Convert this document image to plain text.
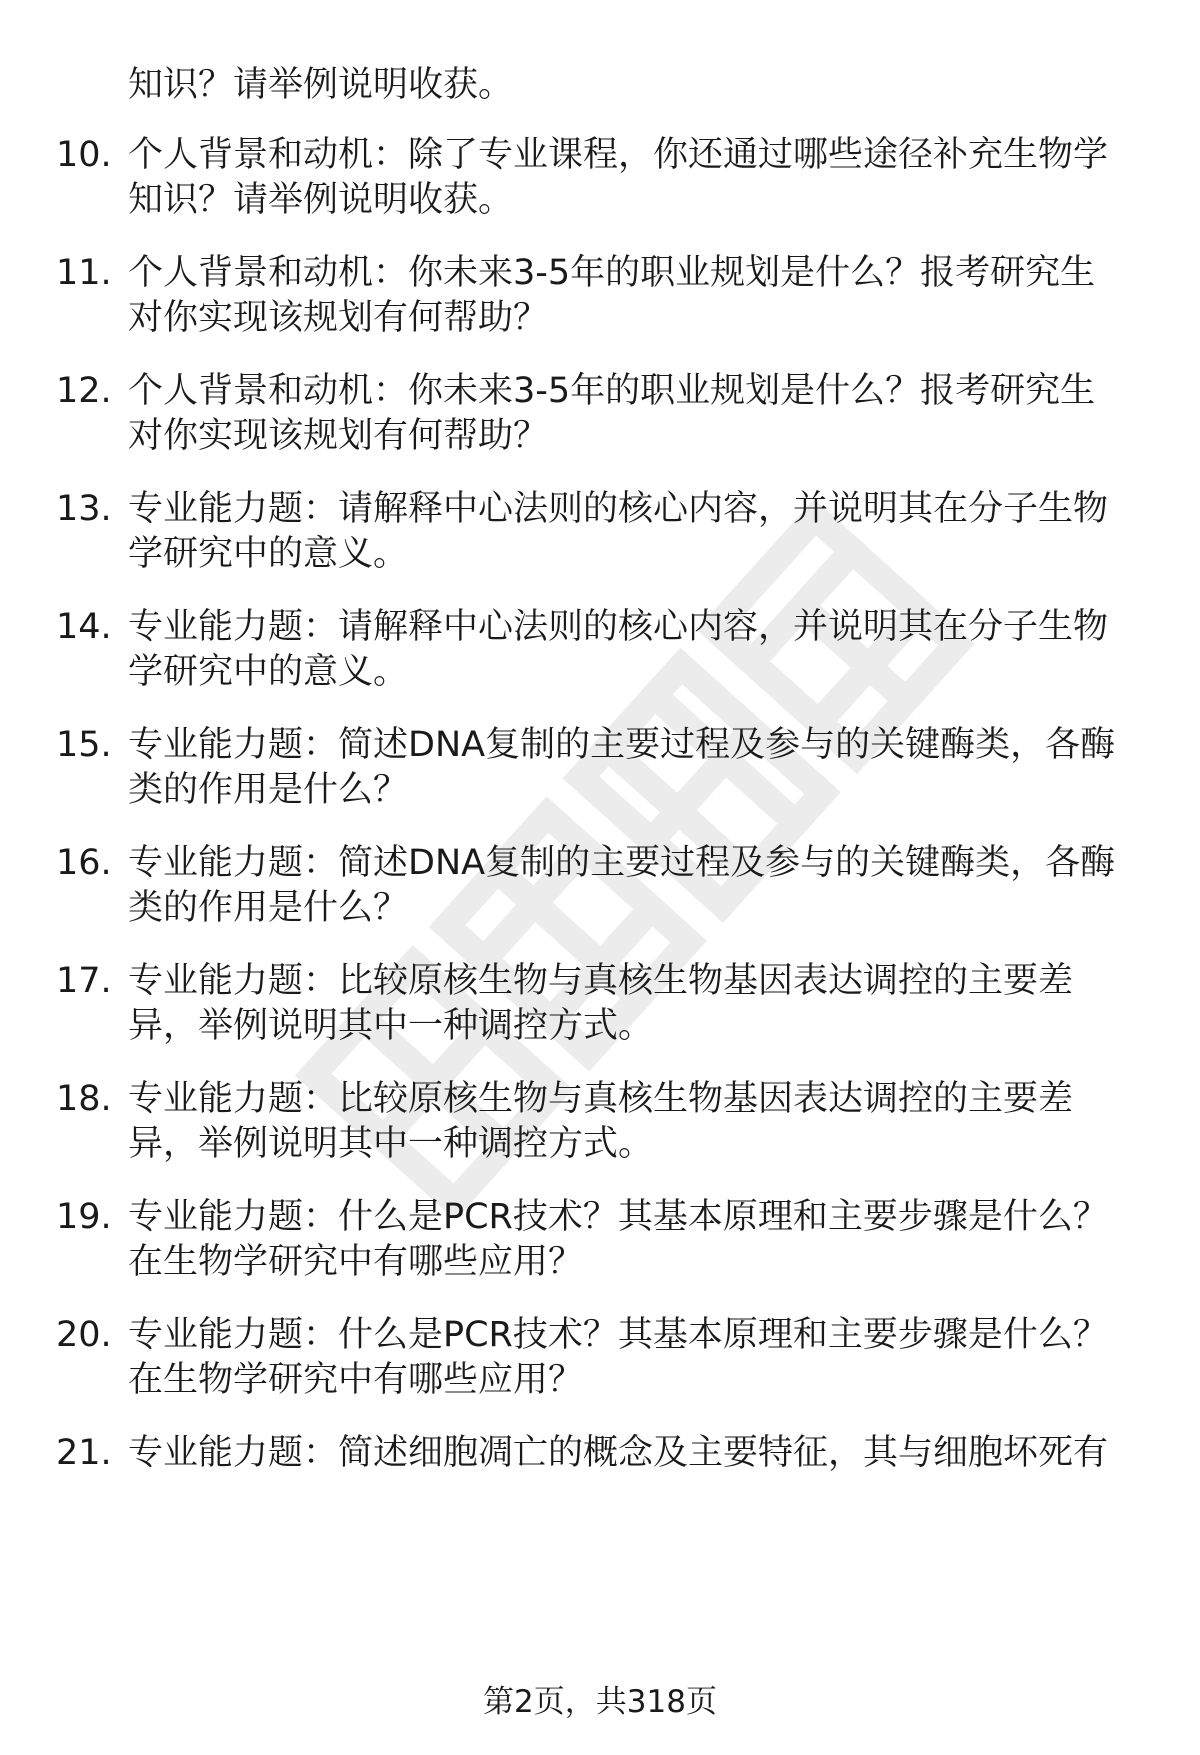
知识？请举例说明收获。
10. 个人背景和动机：除了专业课程，你还通过哪些途径补充生物学
知识？请举例说明收获。
11. 个人背景和动机：你未来3-5年的职业规划是什么？报考研究生
对你实现该规划有何帮助？
12. 个人背景和动机：你未来3-5年的职业规划是什么？报考研究生
对你实现该规划有何帮助？
13. 专业能力题：请解释中心法则的核心内容，并说明其在分子生物
学研究中的意义。
14. 专业能力题：请解释中心法则的核心内容，并说明其在分子生物
学研究中的意义。
15. 专业能力题：简述DNA复制的主要过程及参与的关键酶类，各酶
类的作用是什么？
16. 专业能力题：简述DNA复制的主要过程及参与的关键酶类，各酶
类的作用是什么？
17. 专业能力题：比较原核生物与真核生物基因表达调控的主要差
异，举例说明其中一种调控方式。
18. 专业能力题：比较原核生物与真核生物基因表达调控的主要差
异，举例说明其中一种调控方式。
19. 专业能力题：什么是PCR技术？其基本原理和主要步骤是什么？
在生物学研究中有哪些应用？
20. 专业能力题：什么是PCR技术？其基本原理和主要步骤是什么？
在生物学研究中有哪些应用？
21. 专业能力题：简述细胞凋亡的概念及主要特征，其与细胞坏死有
第2页，共318页
